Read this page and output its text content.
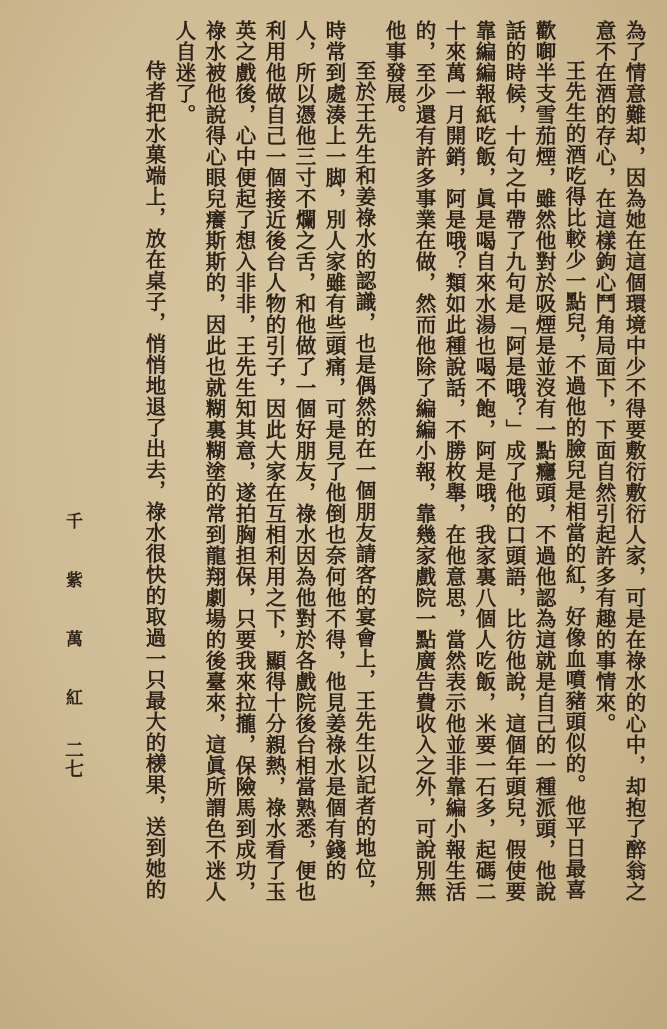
為了情意難却，因為她在這個環境中少不得要敷衍敷衍人家，可是在祿水的心中，却抱了醉翁之
意不在酒的存心，在這樣鉤心鬥角局面下，下面自然引起許多有趣的事情來。
王先生的酒吃得比較少一點兒，不過他的臉兒是相當的紅，好像血噴豬頭似的。他平日最喜
歡啣半支雪茄煙，雖然他對於吸煙是並沒有一點癮頭，不過他認為這就是自己的一種派頭，他說
話的時候，十句之中帶了九句是「阿是哦？」成了他的口頭語，比彷他說，這個年頭兒，假使要
靠編編報紙吃飯，眞是喝自來水湯也喝不飽，阿是哦，我家裏八個人吃飯，米要一石多，起碼二
十來萬一月開銷，阿是哦？類如此種說話，不勝枚舉，在他意思，當然表示他並非靠編小報生活
的，至少還有許多事業在做，然而他除了編編小報，靠幾家戲院一點廣告費收入之外，可說別無
他事發展。
至於王先生和姜祿水的認識，也是偶然的在一個朋友請客的宴會上，王先生以記者的地位，
時常到處湊上一脚，別人家雖有些頭痛，可是見了他倒也奈何他不得，他見姜祿水是個有錢的
人，所以憑他三寸不爛之舌，和他做了一個好朋友，祿水因為他對於各戲院後台相當熟悉，便也
利用他做自己一個接近後台人物的引子，因此大家在互相利用之下，顯得十分親熱，祿水看了玉
英之戲後，心中便起了想入非非，王先生知其意，遂拍胸担保，只要我來拉攏，保險馬到成功，
祿水被他說得心眼兒癢斯斯的，因此也就糊裏糊塗的常到龍翔劇場的後臺來，這眞所謂色不迷人
人自迷了。
侍者把水菓端上，放在桌子，悄悄地退了出去，祿水很快的取過一只最大的檨果，送到她的
千 紫 萬 紅
二七
